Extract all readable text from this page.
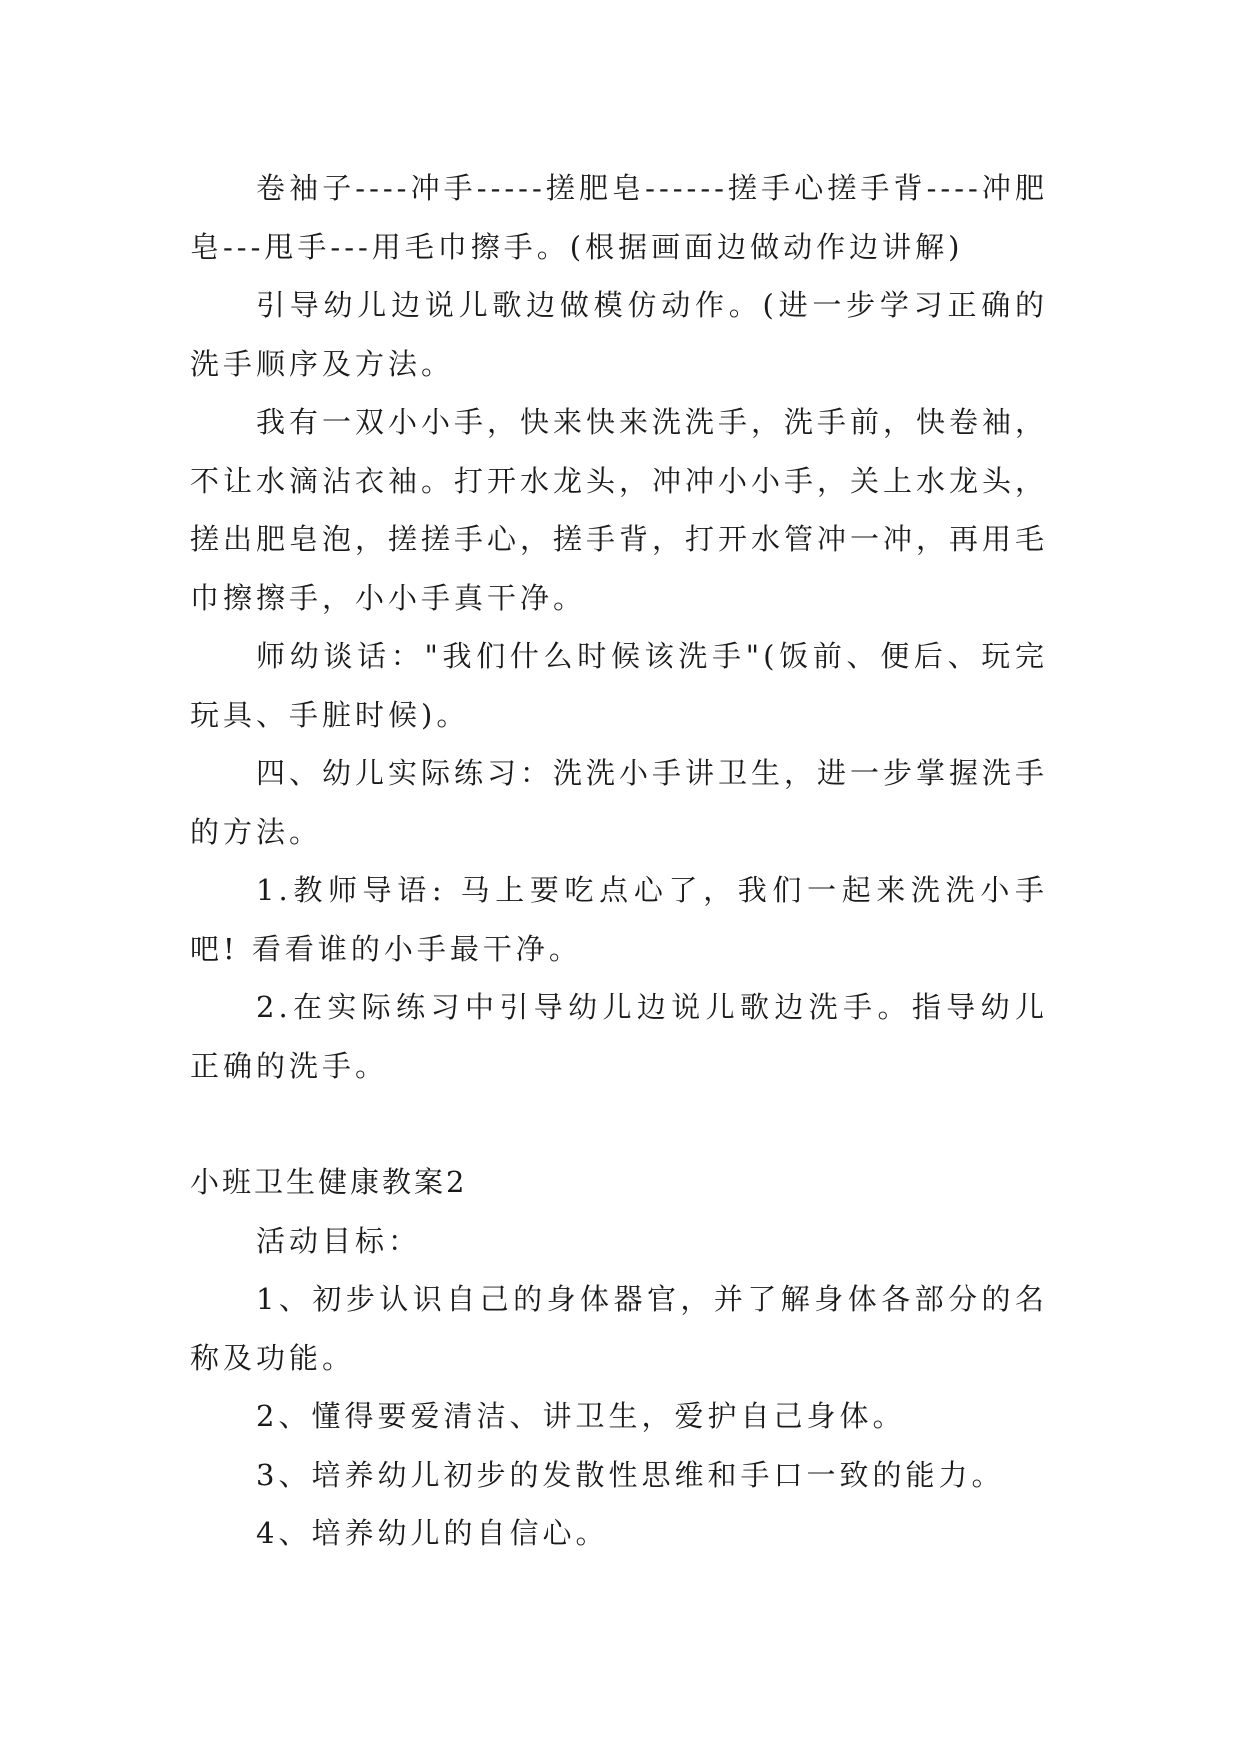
卷袖子----冲手-----搓肥皂------搓手心搓手背----冲肥皂---甩手---用毛巾擦手。(根据画面边做动作边讲解)

引导幼儿边说儿歌边做模仿动作。(进一步学习正确的洗手顺序及方法。

我有一双小小手，快来快来洗洗手，洗手前，快卷袖，不让水滴沾衣袖。打开水龙头，冲冲小小手，关上水龙头，搓出肥皂泡，搓搓手心，搓手背，打开水管冲一冲，再用毛巾擦擦手，小小手真干净。

师幼谈话："我们什么时候该洗手"(饭前、便后、玩完玩具、手脏时候)。

四、幼儿实际练习：洗洗小手讲卫生，进一步掌握洗手的方法。

1.教师导语: 马上要吃点心了，我们一起来洗洗小手吧! 看看谁的小手最干净。

2.在实际练习中引导幼儿边说儿歌边洗手。指导幼儿正确的洗手。

小班卫生健康教案2

活动目标：

1、初步认识自己的身体器官，并了解身体各部分的名称及功能。

2、懂得要爱清洁、讲卫生，爱护自己身体。

3、培养幼儿初步的发散性思维和手口一致的能力。

4、培养幼儿的自信心。
